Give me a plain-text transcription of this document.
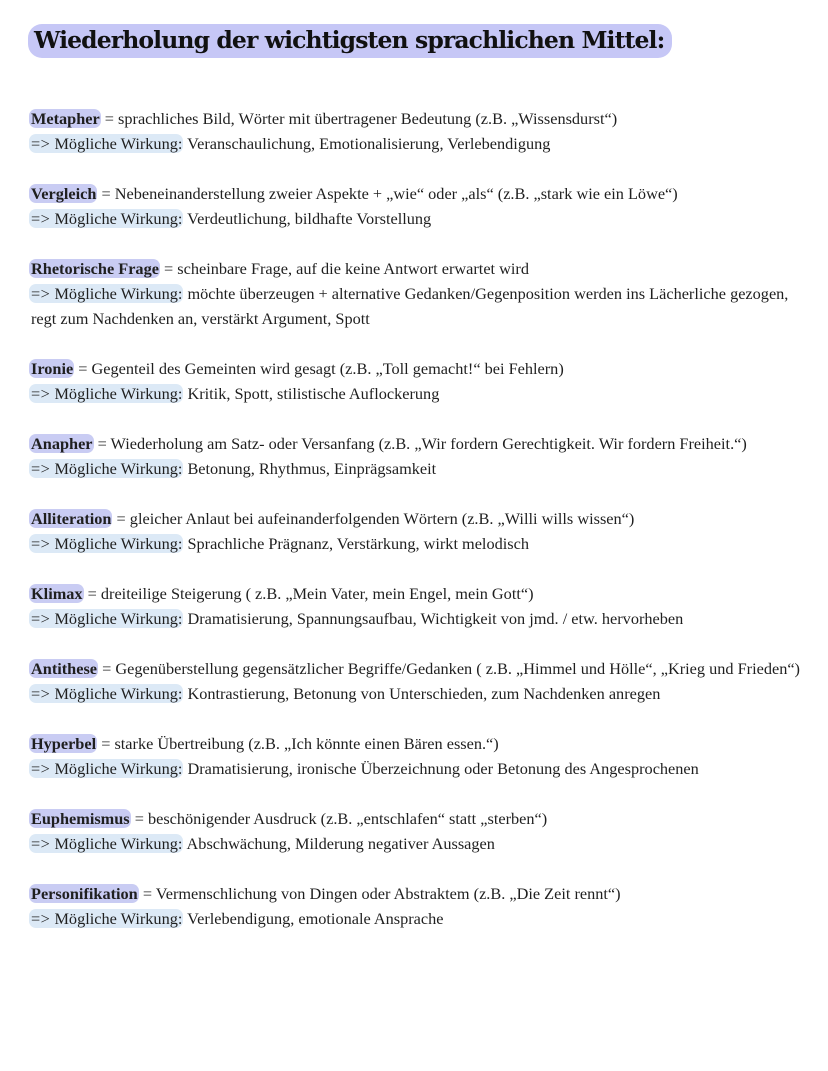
Wiederholung der wichtigsten sprachlichen Mittel:
Metapher = sprachliches Bild, Wörter mit übertragener Bedeutung (z.B. „Wissensdurst“)
=> Mögliche Wirkung: Veranschaulichung, Emotionalisierung, Verlebendigung
Vergleich = Nebeneinanderstellung zweier Aspekte + „wie“ oder „als“ (z.B. „stark wie ein Löwe“)
=> Mögliche Wirkung: Verdeutlichung, bildhafte Vorstellung
Rhetorische Frage = scheinbare Frage, auf die keine Antwort erwartet wird
=> Mögliche Wirkung: möchte überzeugen + alternative Gedanken/Gegenposition werden ins Lächerliche gezogen, regt zum Nachdenken an, verstärkt Argument, Spott
Ironie = Gegenteil des Gemeinten wird gesagt (z.B. „Toll gemacht!“ bei Fehlern)
=> Mögliche Wirkung: Kritik, Spott, stilistische Auflockerung
Anapher = Wiederholung am Satz- oder Versanfang (z.B. „Wir fordern Gerechtigkeit. Wir fordern Freiheit.“)
=> Mögliche Wirkung: Betonung, Rhythmus, Einprägsamkeit
Alliteration = gleicher Anlaut bei aufeinanderfolgenden Wörtern (z.B. „Willi wills wissen“)
=> Mögliche Wirkung: Sprachliche Prägnanz, Verstärkung, wirkt melodisch
Klimax = dreiteilige Steigerung ( z.B. „Mein Vater, mein Engel, mein Gott“)
=> Mögliche Wirkung: Dramatisierung, Spannungsaufbau, Wichtigkeit von jmd. / etw. hervorheben
Antithese = Gegenüberstellung gegensätzlicher Begriffe/Gedanken ( z.B. „Himmel und Hölle“, „Krieg und Frieden“)
=> Mögliche Wirkung: Kontrastierung, Betonung von Unterschieden, zum Nachdenken anregen
Hyperbel = starke Übertreibung (z.B. „Ich könnte einen Bären essen.“)
=> Mögliche Wirkung: Dramatisierung, ironische Überzeichnung oder Betonung des Angesprochenen
Euphemismus = beschönigender Ausdruck (z.B. „entschlafen“ statt „sterben“)
=> Mögliche Wirkung: Abschwächung, Milderung negativer Aussagen
Personifikation = Vermenschlichung von Dingen oder Abstraktem (z.B. „Die Zeit rennt“)
=> Mögliche Wirkung: Verlebendigung, emotionale Ansprache
